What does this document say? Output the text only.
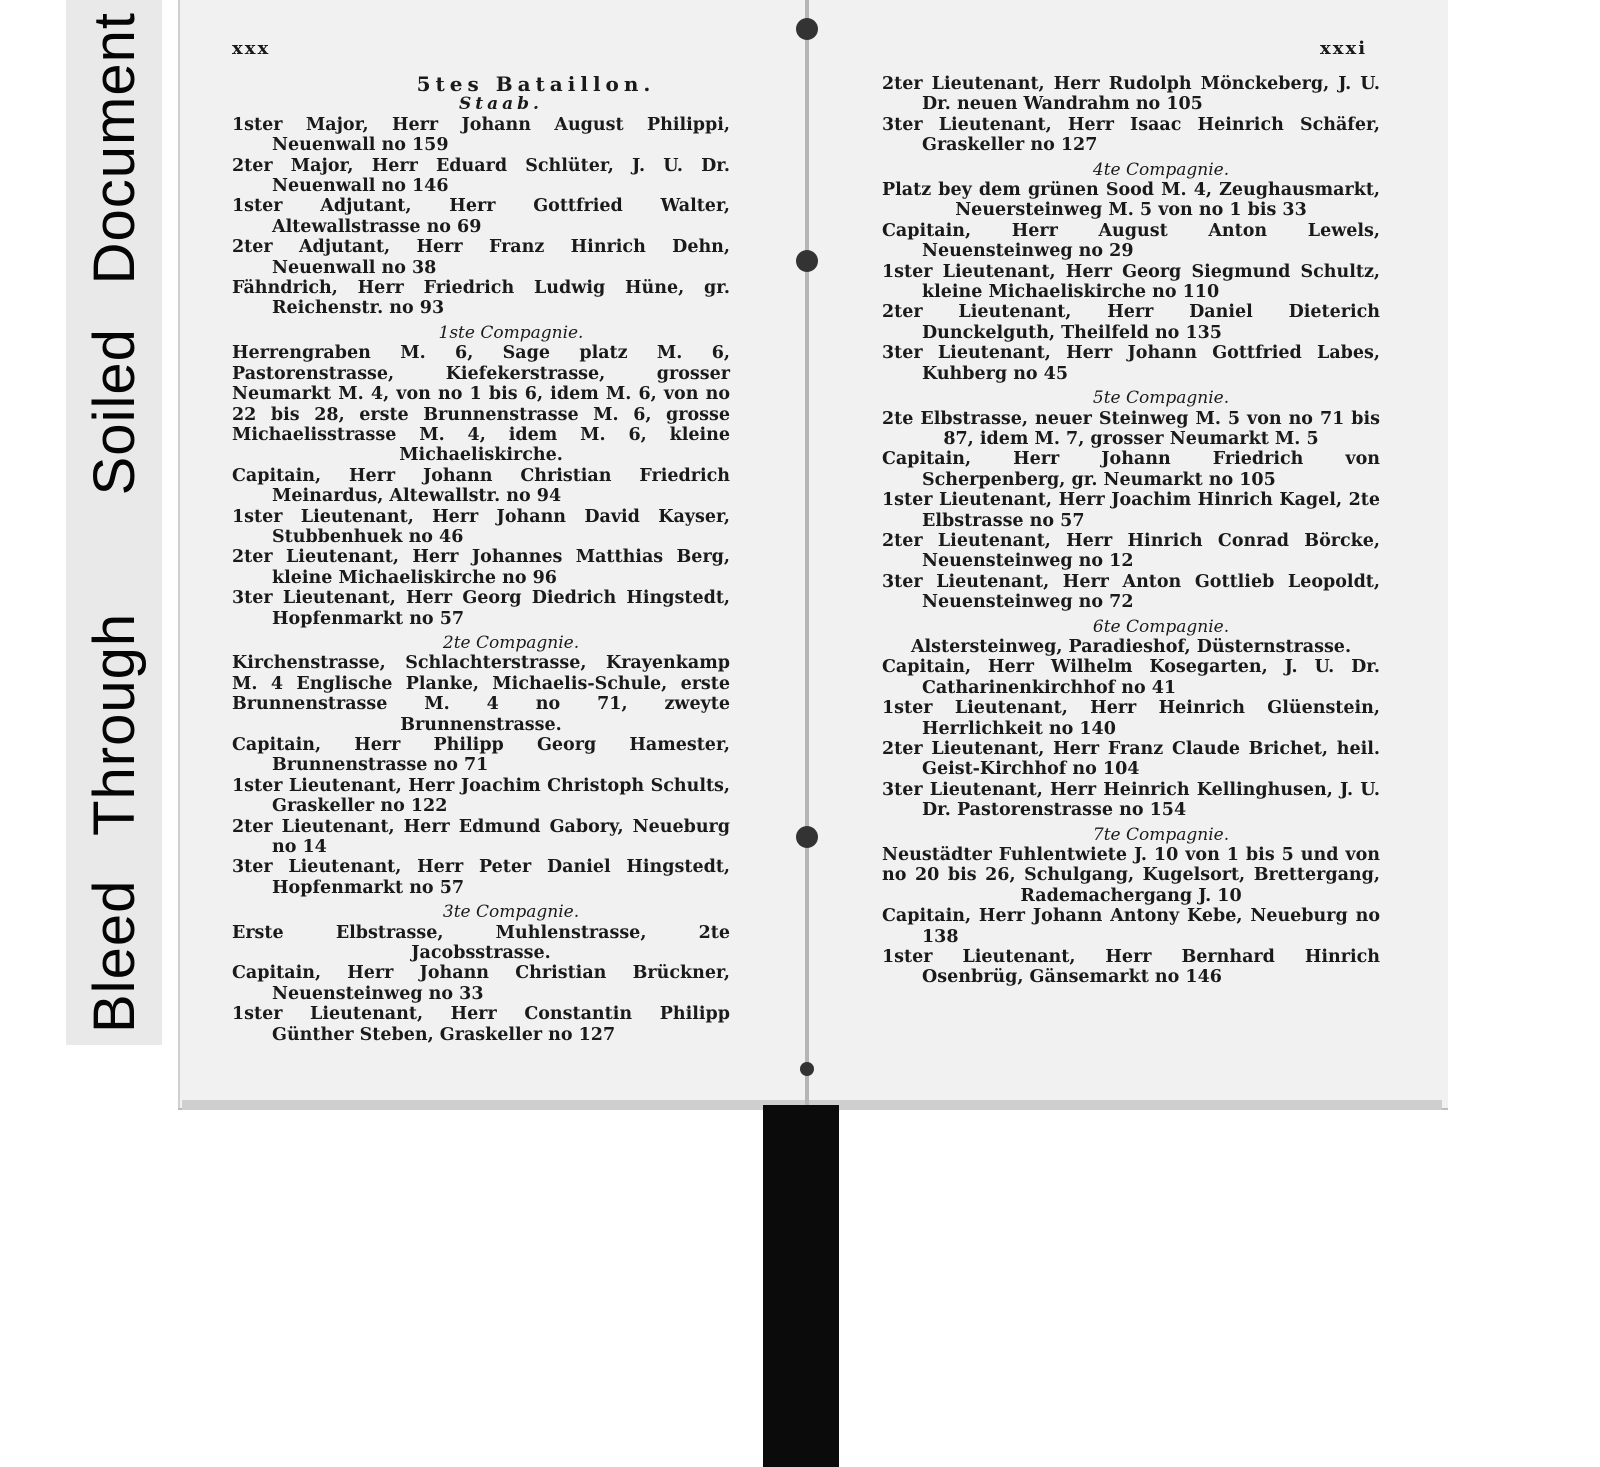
Bleed
Through
Soiled
Document	xxx	xxxi
5tes Bataillon.
Staab.

1ster Major, Herr Johann August Philippi, Neuenwall no 159

2ter Major, Herr Eduard Schlüter, J. U. Dr. Neuenwall no 146

1ster Adjutant, Herr Gottfried Walter, Altewallstrasse no 69

2ter Adjutant, Herr Franz Hinrich Dehn, Neuenwall no 38

Fähndrich, Herr Friedrich Ludwig Hüne, gr. Reichenstr. no 93

1ste Compagnie.

Herrengraben M. 6, Sagе platz M. 6, Pastorenstrasse, Kiefekerstrasse, grosser Neumarkt M. 4, von no 1 bis 6, idem M. 6, von no 22 bis 28, erste Brunnenstrasse M. 6, grosse Michaelisstrasse M. 4, idem M. 6, kleine Michaeliskirche.

Capitain, Herr Johann Christian Friedrich Meinardus, Altewallstr. no 94

1ster Lieutenant, Herr Johann David Kayser, Stubbenhuek no 46

2ter Lieutenant, Herr Johannes Matthias Berg, kleine Michaeliskirche no 96

3ter Lieutenant, Herr Georg Diedrich Hingstedt, Hopfenmarkt no 57

2te Compagnie.

Kirchenstrasse, Schlachterstrasse, Krayenkamp M. 4 Englische Planke, Michaelis-Schule, erste Brunnenstrasse M. 4 no 71, zweyte Brunnenstrasse.

Capitain, Herr Philipp Georg Hamester, Brunnenstrasse no 71

1ster Lieutenant, Herr Joachim Christoph Schults, Graskeller no 122

2ter Lieutenant, Herr Edmund Gabory, Neueburg no 14

3ter Lieutenant, Herr Peter Daniel Hingstedt, Hopfenmarkt no 57

3te Compagnie.

Erste Elbstrasse, Muhlenstrasse, 2te Jacobsstrasse.

Capitain, Herr Johann Christian Brückner, Neuensteinweg no 33

1ster Lieutenant, Herr Constantin Philipp Günther Steben, Graskeller no 127

2ter Lieutenant, Herr Rudolph Mönckeberg, J. U. Dr. neuen Wandrahm no 105

3ter Lieutenant, Herr Isaac Heinrich Schäfer, Graskeller no 127

4te Compagnie.

Platz bey dem grünen Sood M. 4, Zeughausmarkt, Neuersteinweg M. 5 von no 1 bis 33

Capitain, Herr August Anton Lewels, Neuensteinweg no 29

1ster Lieutenant, Herr Georg Siegmund Schultz, kleine Michaeliskirche no 110

2ter Lieutenant, Herr Daniel Dieterich Dunckelguth, Theilfeld no 135

3ter Lieutenant, Herr Johann Gottfried Labes, Kuhberg no 45

5te Compagnie.

2te Elbstrasse, neuer Steinweg M. 5 von no 71 bis 87, idem M. 7, grosser Neumarkt M. 5

Capitain, Herr Johann Friedrich von Scherpenberg, gr. Neumarkt no 105

1ster Lieutenant, Herr Joachim Hinrich Kagel, 2te Elbstrasse no 57

2ter Lieutenant, Herr Hinrich Conrad Börcke, Neuensteinweg no 12

3ter Lieutenant, Herr Anton Gottlieb Leopoldt, Neuensteinweg no 72

6te Compagnie.

Alstersteinweg, Paradieshof, Düsternstrasse.

Capitain, Herr Wilhelm Kosegarten, J. U. Dr. Catharinenkirchhof no 41

1ster Lieutenant, Herr Heinrich Glüenstein, Herrlichkeit no 140

2ter Lieutenant, Herr Franz Claude Brichet, heil. Geist-Kirchhof no 104

3ter Lieutenant, Herr Heinrich Kellinghusen, J. U. Dr. Pastorenstrasse no 154

7te Compagnie.

Neustädter Fuhlentwiete J. 10 von 1 bis 5 und von no 20 bis 26, Schulgang, Kugelsort, Brettergang, Rademachergang J. 10

Capitain, Herr Johann Antony Kebe, Neueburg no 138

1ster Lieutenant, Herr Bernhard Hinrich Osenbrüg, Gänsemarkt no 146
